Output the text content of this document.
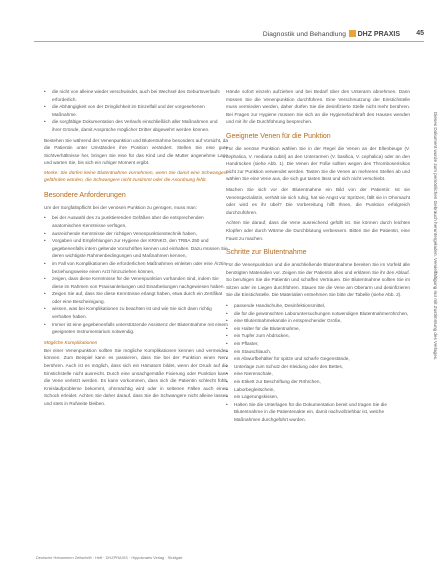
Diagnostik und Behandlung	DHZ PRAXIS 45
• die nicht von alleine wieder verschwindet, auch bei Wechsel des Geburtsverlaufs erforderlich.
• die Abhängigkeit von der Dringlichkeit im Einzelfall und der vorgesehenen Maßnahme.
• die sorgfältige Dokumentation des Verlaufs einschließlich aller Maßnahmen und ihrer Gründe, damit Ansprüche möglicher Dritter abgewehrt werden können.

Bestehen Sie während der Venenpunktion und Blutentnahme besonders auf Vorsicht, da die Patientin unter Umständen ihre Position verändert. Stellen Sie eine gute Sichtverhältnisse her, bringen Sie eine für das Kind und die Mutter angenehme Lage und warten Sie, bis sich ein ruhiger Moment ergibt.

Merke: Sie dürfen keine Blutentnahme vornehmen, wenn Sie damit eine Schwangere gefährden würden, die Schwangere nicht zustimmt oder die Anordnung fehlt.

Besondere Anforderungen

Um der Sorgfaltspflicht bei der venösen Punktion zu genügen, muss man:

• bei der Auswahl des zu punktierenden Gefäßes über die entsprechenden anatomischen Kenntnisse verfügen,
• ausreichende Kenntnisse der richtigen Venenpunktionstechnik haben,
• Vorgaben und Empfehlungen zur Hygiene der KRINKO, den TRBA 250 und gegebenenfalls intern geltende Vorschriften kennen und einhalten. Dazu müssen Sie deren wichtigste Rahmenbedingungen und Maßnahmen kennen,
• im Fall von Komplikationen die erforderlichen Maßnahmen einleiten oder eine Ärztin beziehungsweise einen Arzt hinzuziehen können,
• zeigen, dass diese Kenntnisse für die Venenpunktion vorhanden sind, indem Sie diese im Rahmen von Praxisanleitungen und Einarbeitungen nachgewiesen haben.
• Zeigen Sie auf, dass Sie diese Kenntnisse erlangt haben, etwa durch ein Zertifikat oder eine Bescheinigung.
• wissen, was bei Komplikationen zu beachten ist und wie Sie sich dann richtig verhalten haben.
• Immer ist eine gegebenenfalls unterstützende Assistenz der Blutentnahme mit einem geeigneten Instrumentarium notwendig.
Mögliche Komplikationen

Bei einer Venenpunktion sollten Sie mögliche Komplikationen kennen und vermeiden können. Zum Beispiel kann es passieren, dass Sie bei der Punktion einen Nerv berühren. Auch ist es möglich, dass sich ein Hämatom bildet, wenn der Druck auf die Einstichstelle nicht ausreicht. Durch eine unsachgemäße Fixierung oder Punktion kann die Vene verletzt werden. Es kann vorkommen, dass sich die Patientin schlecht fühlt, Kreislaufprobleme bekommt, ohnmächtig wird oder in seltenen Fällen auch einen Schock erleidet. Achten Sie daher darauf, dass Sie die Schwangere nicht alleine lassen und stets in Rufweite bleiben.

Hände sofort einzeln aufziehen und bei Bedarf über den Unterarm abnehmen. Dann müssen Sie die Venenpunktion durchführen. Eine Verschmutzung der Einstichstelle muss vermieden werden, daher dürfen Sie die desinfizierte Stelle nicht mehr berühren. Bei Fragen zur Hygiene müssen Sie sich an die Hygienefachkraft des Hauses wenden und mit ihr die Durchführung besprechen.

Geeignete Venen für die Punktion

Für die venöse Punktion wählen Sie in der Regel die Venen an der Ellenbeuge (V. cephalica, V. mediana cubiti) an den Unterarmen (V. basilica, V. cephalica) oder an den Handrücken (siehe Abb. 1). Die Venen der Füße sollten wegen des Thromboserisikos nicht zur Punktion verwendet werden. Tasten Sie die Venen an mehreren Stellen ab und wählen Sie eine Vene aus, die sich gut tasten lässt und sich nicht verschiebt.

Machen Sie sich vor der Blutentnahme ein Bild von der Patientin: Ist sie Venenspezialistin, verhält sie sich ruhig, hat sie Angst vor Spritzen, fällt sie in Ohnmacht oder wird es ihr übel? Die Vorbereitung hilft Ihnen, die Punktion erfolgreich durchzuführen.

Achten Sie darauf, dass die Vene ausreichend gefüllt ist. Sie können durch leichtes Klopfen oder durch Wärme die Durchblutung verbessern. Bitten Sie die Patientin, eine Faust zu machen.

Schritte zur Blutentnahme

Für die Venenpunktion und die anschließende Blutentnahme bereiten Sie im Vorfeld alle benötigten Materialien vor. Zeigen Sie der Patientin alles und erklären Sie ihr den Ablauf. So beruhigen Sie die Patientin und schaffen Vertrauen. Die Blutentnahme sollten Sie im Sitzen oder im Liegen durchführen. Stauen Sie die Vene am Oberarm und desinfizieren Sie die Einstichstelle. Die Materialien entnehmen Sie bitte der Tabelle (siehe Abb. 2).

• passende Handschuhe, Desinfektionsmittel,
• die für die gewünschten Laboruntersuchungen notwendigen Blutentnahmeröhrchen,
• eine Blutentnahmekanüle in entsprechender Größe,
• ein Halter für die Blutentnahme,
• ein Tupfer zum Abdrücken,
• ein Pflaster,
• ein Stauschlauch,
• ein Abwurfbehälter für spitze und scharfe Gegenstände,
• Unterlage zum Schutz der Kleidung oder des Bettes,
• eine Nierenschale,
• ein Etikett zur Beschriftung der Röhrchen,
• Laborbegleitschein,
• ein Lagerungskissen,
• Halten Sie die Unterlagen für die Dokumentation bereit und tragen Sie die Blutentnahme in die Patientenakte ein, damit nachvollziehbar ist, welche Maßnahmen durchgeführt wurden.
Dieses Dokument wurde zum persönlichen Gebrauch heruntergeladen. Vervielfältigung nur mit Zustimmung des Verlages.
Deutsche Hebammen Zeitschrift · Heft · DHZPRAXIS · Hippokrates Verlag · Stuttgart
